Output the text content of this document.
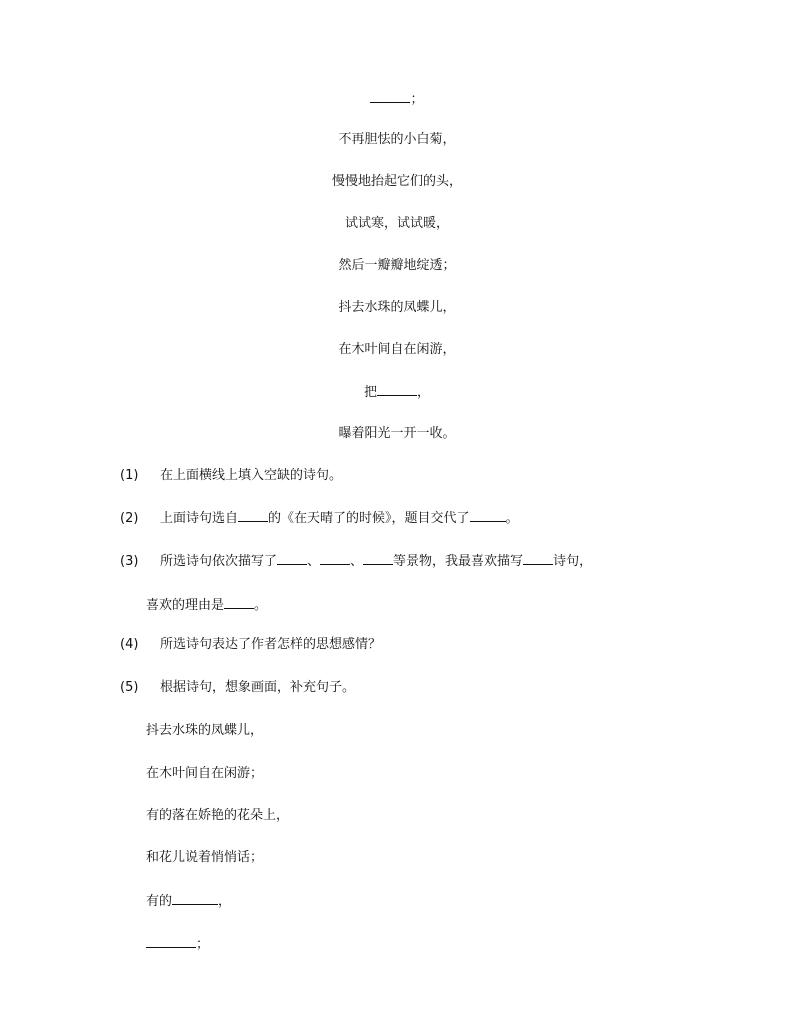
；
不再胆怯的小白菊，
慢慢地抬起它们的头，
试试寒，试试暖，
然后一瓣瓣地绽透；
抖去水珠的凤蝶儿，
在木叶间自在闲游，
把	，
曝着阳光一开一收。
(1) 在上面横线上填入空缺的诗句。
(2) 上面诗句选自 的《在天晴了的时候》，题目交代了	。
(3) 所选诗句依次描写了 、 、 等景物，我最喜欢描写 诗句，
喜欢的理由是 。
(4) 所选诗句表达了作者怎样的思想感情？
(5) 根据诗句，想象画面，补充句子。
抖去水珠的凤蝶儿，
在木叶间自在闲游；
有的落在娇艳的花朵上，
和花儿说着悄悄话；
有的	，
；
